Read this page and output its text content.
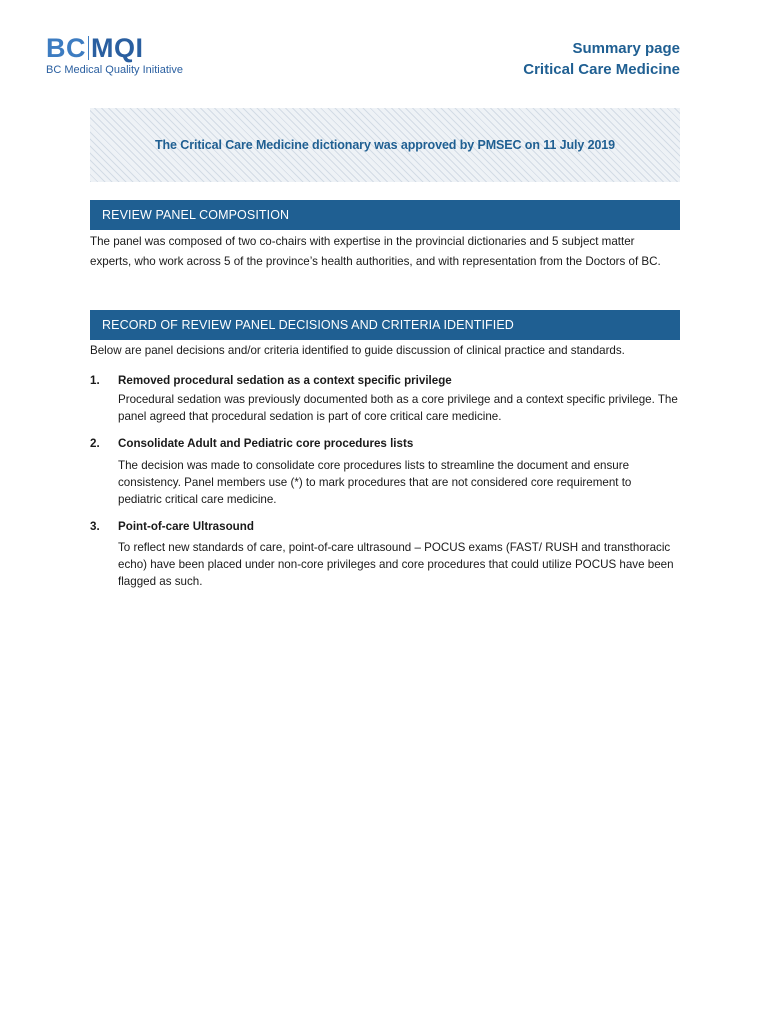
BC MQI
BC Medical Quality Initiative
Summary page
Critical Care Medicine
The Critical Care Medicine dictionary was approved by PMSEC on 11 July 2019
REVIEW PANEL COMPOSITION
The panel was composed of two co-chairs with expertise in the provincial dictionaries and 5 subject matter experts, who work across 5 of the province’s health authorities, and with representation from the Doctors of BC.
RECORD OF REVIEW PANEL DECISIONS AND CRITERIA IDENTIFIED
Below are panel decisions and/or criteria identified to guide discussion of clinical practice and standards.
1. Removed procedural sedation as a context specific privilege
Procedural sedation was previously documented both as a core privilege and a context specific privilege. The panel agreed that procedural sedation is part of core critical care medicine.
2. Consolidate Adult and Pediatric core procedures lists
The decision was made to consolidate core procedures lists to streamline the document and ensure consistency. Panel members use (*) to mark procedures that are not considered core requirement to pediatric critical care medicine.
3. Point-of-care Ultrasound
To reflect new standards of care, point-of-care ultrasound – POCUS exams (FAST/ RUSH and transthoracic echo) have been placed under non-core privileges and core procedures that could utilize POCUS have been flagged as such.
